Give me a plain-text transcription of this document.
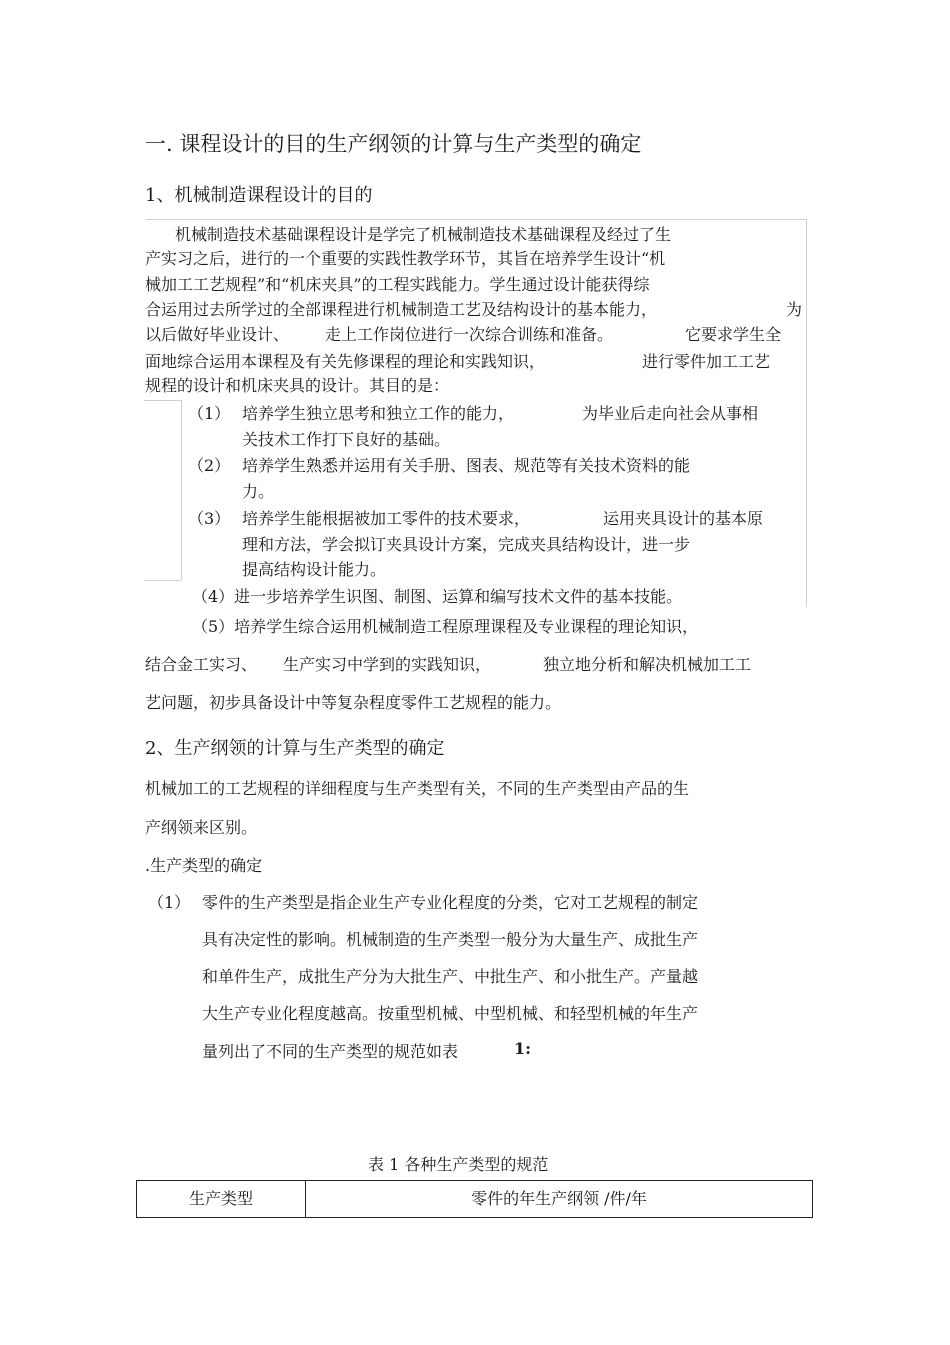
一. 课程设计的目的生产纲领的计算与生产类型的确定
1、机械制造课程设计的目的
机械制造技术基础课程设计是学完了机械制造技术基础课程及经过了生
产实习之后，进行的一个重要的实践性教学环节，其旨在培养学生设计“机
械加工工艺规程”和“机床夹具”的工程实践能力。学生通过设计能获得综
合运用过去所学过的全部课程进行机械制造工艺及结构设计的基本能力，	为
以后做好毕业设计、 走上工作岗位进行一次综合训练和准备。	它要求学生全
面地综合运用本课程及有关先修课程的理论和实践知识，	进行零件加工工艺
规程的设计和机床夹具的设计。其目的是：
（1） 培养学生独立思考和独立工作的能力，	为毕业后走向社会从事相
关技术工作打下良好的基础。
（2） 培养学生熟悉并运用有关手册、图表、规范等有关技术资料的能
力。
（3） 培养学生能根据被加工零件的技术要求，	运用夹具设计的基本原
理和方法，学会拟订夹具设计方案，完成夹具结构设计，进一步
提高结构设计能力。
（4）进一步培养学生识图、制图、运算和编写技术文件的基本技能。
（5）培养学生综合运用机械制造工程原理课程及专业课程的理论知识，
结合金工实习、 生产实习中学到的实践知识，	独立地分析和解决机械加工工
艺问题，初步具备设计中等复杂程度零件工艺规程的能力。
2、生产纲领的计算与生产类型的确定
机械加工的工艺规程的详细程度与生产类型有关，不同的生产类型由产品的生
产纲领来区别。
.生产类型的确定
（1） 零件的生产类型是指企业生产专业化程度的分类，它对工艺规程的制定
具有决定性的影响。机械制造的生产类型一般分为大量生产、成批生产
和单件生产，成批生产分为大批生产、中批生产、和小批生产。产量越
大生产专业化程度越高。按重型机械、中型机械、和轻型机械的年生产
量列出了不同的生产类型的规范如表	1:
表 1 各种生产类型的规范
生产类型	零件的年生产纲领 /件/年
